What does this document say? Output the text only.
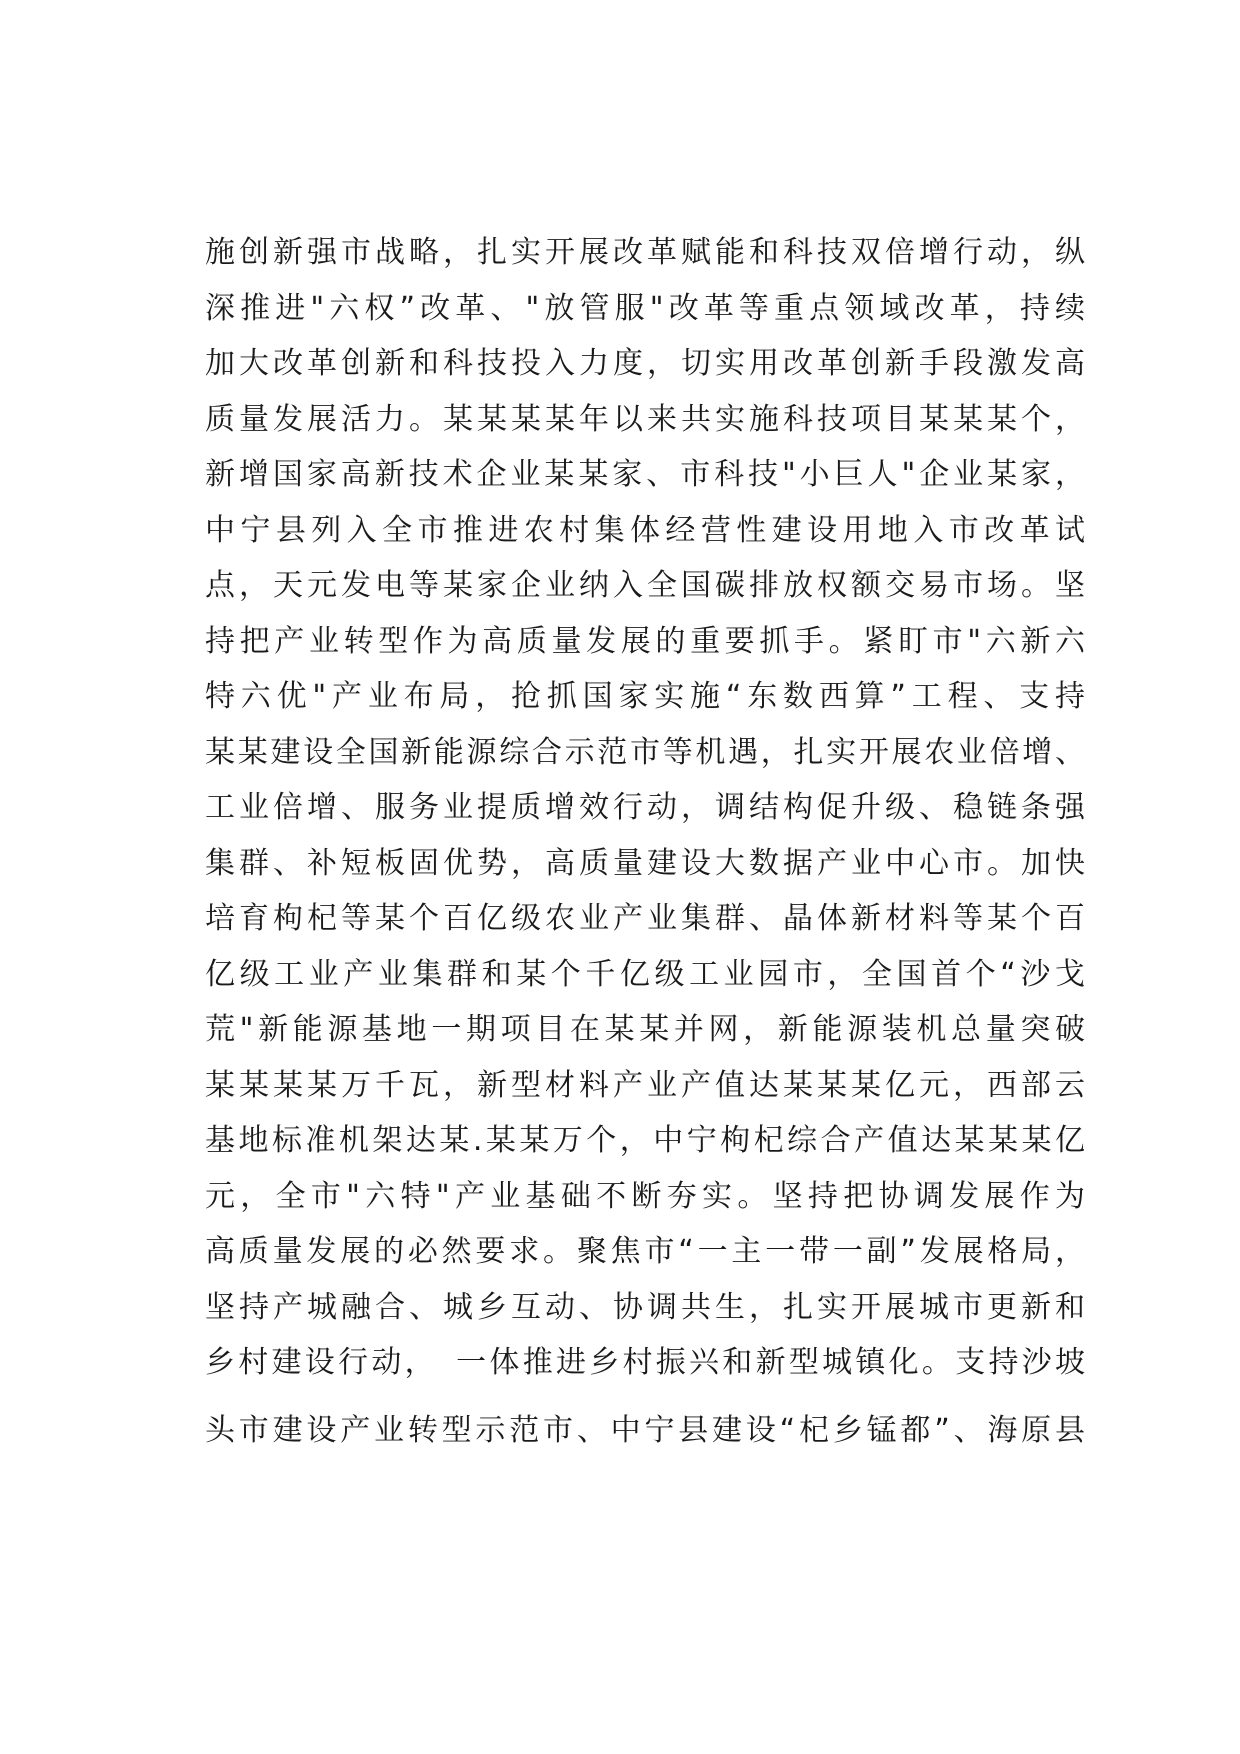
施创新强市战略，扎实开展改革赋能和科技双倍增行动，纵
深推进"六权”改革、"放管服"改革等重点领域改革，持续
加大改革创新和科技投入力度，切实用改革创新手段激发高
质量发展活力。某某某某年以来共实施科技项目某某某个，
新增国家高新技术企业某某家、市科技"小巨人"企业某家，
中宁县列入全市推进农村集体经营性建设用地入市改革试
点，天元发电等某家企业纳入全国碳排放权额交易市场。坚
持把产业转型作为高质量发展的重要抓手。紧盯市"六新六
特六优"产业布局，抢抓国家实施“东数西算”工程、支持
某某建设全国新能源综合示范市等机遇，扎实开展农业倍增、
工业倍增、服务业提质增效行动，调结构促升级、稳链条强
集群、补短板固优势，高质量建设大数据产业中心市。加快
培育枸杞等某个百亿级农业产业集群、晶体新材料等某个百
亿级工业产业集群和某个千亿级工业园市，全国首个“沙戈
荒"新能源基地一期项目在某某并网，新能源装机总量突破
某某某某万千瓦，新型材料产业产值达某某某亿元，西部云
基地标准机架达某.某某万个，中宁枸杞综合产值达某某某亿
元，全市"六特"产业基础不断夯实。坚持把协调发展作为
高质量发展的必然要求。聚焦市“一主一带一副”发展格局，
坚持产城融合、城乡互动、协调共生，扎实开展城市更新和
乡村建设行动，　一体推进乡村振兴和新型城镇化。支持沙坡
头市建设产业转型示范市、中宁县建设“杞乡锰都”、海原县
